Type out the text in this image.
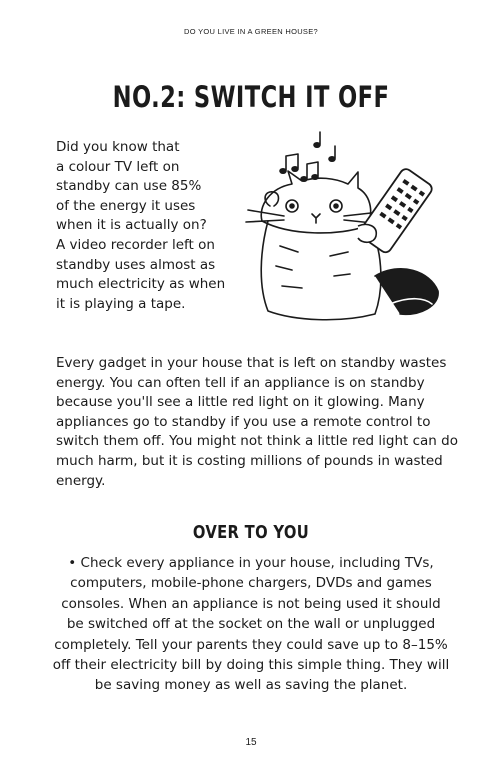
DO YOU LIVE IN A GREEN HOUSE?
NO.2: SWITCH IT OFF
Did you know that
a colour TV left on
standby can use 85%
of the energy it uses
when it is actually on?
A video recorder left on
standby uses almost as
much electricity as when
it is playing a tape.
Every gadget in your house that is left on standby wastes
energy. You can often tell if an appliance is on standby
because you'll see a little red light on it glowing. Many
appliances go to standby if you use a remote control to
switch them off. You might not think a little red light can do
much harm, but it is costing millions of pounds in wasted
energy.
OVER TO YOU
• Check every appliance in your house, including TVs,
computers, mobile-phone chargers, DVDs and games
consoles. When an appliance is not being used it should
be switched off at the socket on the wall or unplugged
completely. Tell your parents they could save up to 8–15%
off their electricity bill by doing this simple thing. They will
be saving money as well as saving the planet.
15
